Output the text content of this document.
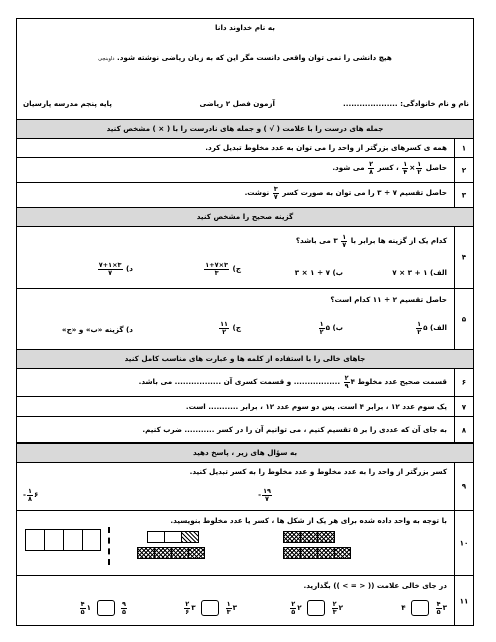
به نام خداوند دانا
هیچ دانشی را نمی توان واقعی دانست مگر این که به زبان ریاضی نوشته شود. داوینچی
نام و نام خانوادگی: ....................
آزمون فصل ۲ ریاضی
پایه پنجم مدرسه پارسیان
جمله های درست را با علامت ( √ ) و جمله های نادرست را با ( × ) مشخص کنید
۱
همه ی کسرهای بزرگتر از واحد را می توان به عدد مخلوط تبدیل کرد.
۲
حاصل
$\frac{۱}{۲}$
×
$\frac{۱}{۴}$
، کسر
$\frac{۲}{۸}$
می شود.
۳
حاصل تقسیم ۷ ÷ ۳ را می توان به صورت کسر
$\frac{۳}{۷}$
نوشت.
گزینه صحیح را مشخص کنید
۴
کدام یک از گزینه ها برابر با
$\frac{۱}{۷}$
۳ می باشد؟
الف) ۱ + ۳ × ۷
ب) ۷ ÷ ۱ × ۳
ج)
$\frac{۳\times ۱+۷}{۳}$
د)
$\frac{۳\times ۷+۱}{۷}$
۵
حاصل تقسیم ۲ ÷ ۱۱ کدام است؟
الف) ۵
$\frac{۱}{۲}$
ب) ۵
$\frac{۱}{۲}$
ج)
$\frac{۱۱}{۲}$
د) گزینه «ب» و «ج»
جاهای خالی را با استفاده از کلمه ها و عبارت های مناسب کامل کنید
۶
قسمت صحیح عدد مخلوط ۴
$\frac{۲}{۹}$
................. و قسمت کسری آن ................. می باشد.
۷
یک سوم عدد ۱۲ ، برابر ۴ است. پس دو سوم عدد ۱۲ ، برابر ........... است.
۸
به جای آن که عددی را بر ۵ تقسیم کنیم ، می توانیم آن را در کسر ........... ضرب کنیم.
به سؤال های زیر ، پاسخ دهید
۹
کسر بزرگتر از واحد را به عدد مخلوط و عدد مخلوط را به کسر تبدیل کنید.
$\frac{۱۹}{۷}$
-
۶
$\frac{۱}{۸}$
-
۱۰
با توجه به واحد داده شده برای هر یک از شکل ها ، کسر یا عدد مخلوط بنویسید.
۱۱
در جای خالی علامت (( < = > )) بگذارید.
۳
$\frac{۴}{۵}$
۴
۲
$\frac{۲}{۳}$
۲
$\frac{۲}{۵}$
۳
$\frac{۱}{۳}$
۳
$\frac{۲}{۶}$
$\frac{۹}{۵}$
۱
$\frac{۴}{۵}$
